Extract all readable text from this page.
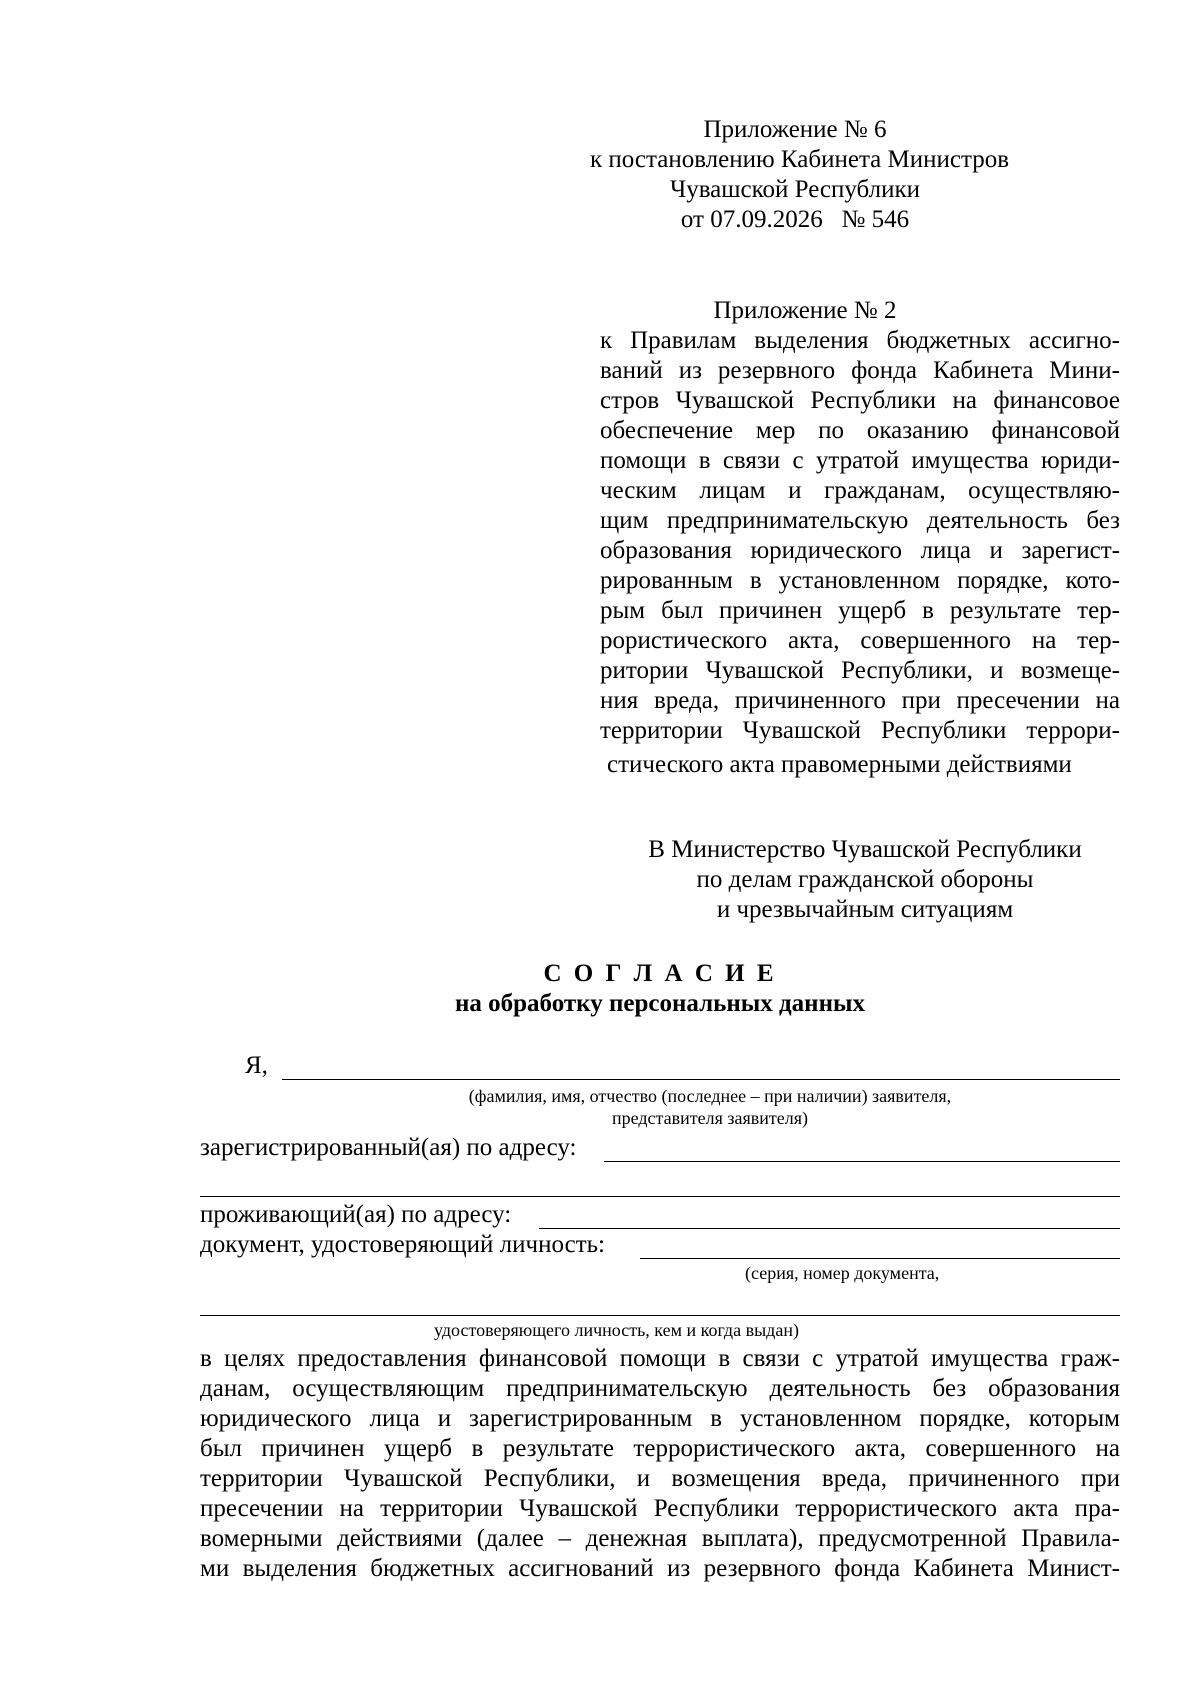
Приложение № 6
к постановлению Кабинета Министров
Чувашской Республики
от 07.09.2026   № 546
Приложение № 2
к Правилам выделения бюджетных ассигно-
ваний из резервного фонда Кабинета Мини-
стров Чувашской Республики на финансовое
обеспечение мер по оказанию финансовой
помощи в связи с утратой имущества юриди-
ческим лицам и гражданам, осуществляю-
щим предпринимательскую деятельность без
образования юридического лица и зарегист-
рированным в установленном порядке, кото-
рым был причинен ущерб в результате тер-
рористического акта, совершенного на тер-
ритории Чувашской Республики, и возмеще-
ния вреда, причиненного при пресечении на
территории Чувашской Республики террори-
стического акта правомерными действиями
В Министерство Чувашской Республики
по делам гражданской обороны
и чрезвычайным ситуациям
С О Г Л А С И Е
на обработку персональных данных
Я,
(фамилия, имя, отчество (последнее – при наличии) заявителя,
представителя заявителя)
зарегистрированный(ая) по адресу:
проживающий(ая) по адресу:
документ, удостоверяющий личность:
(серия, номер документа,
удостоверяющего личность, кем и когда выдан)
в целях предоставления финансовой помощи в связи с утратой имущества граж-
данам, осуществляющим предпринимательскую деятельность без образования
юридического лица и зарегистрированным в установленном порядке, которым
был причинен ущерб в результате террористического акта, совершенного на
территории Чувашской Республики, и возмещения вреда, причиненного при
пресечении на территории Чувашской Республики террористического акта пра-
вомерными действиями (далее – денежная выплата), предусмотренной Правила-
ми выделения бюджетных ассигнований из резервного фонда Кабинета Минист-
